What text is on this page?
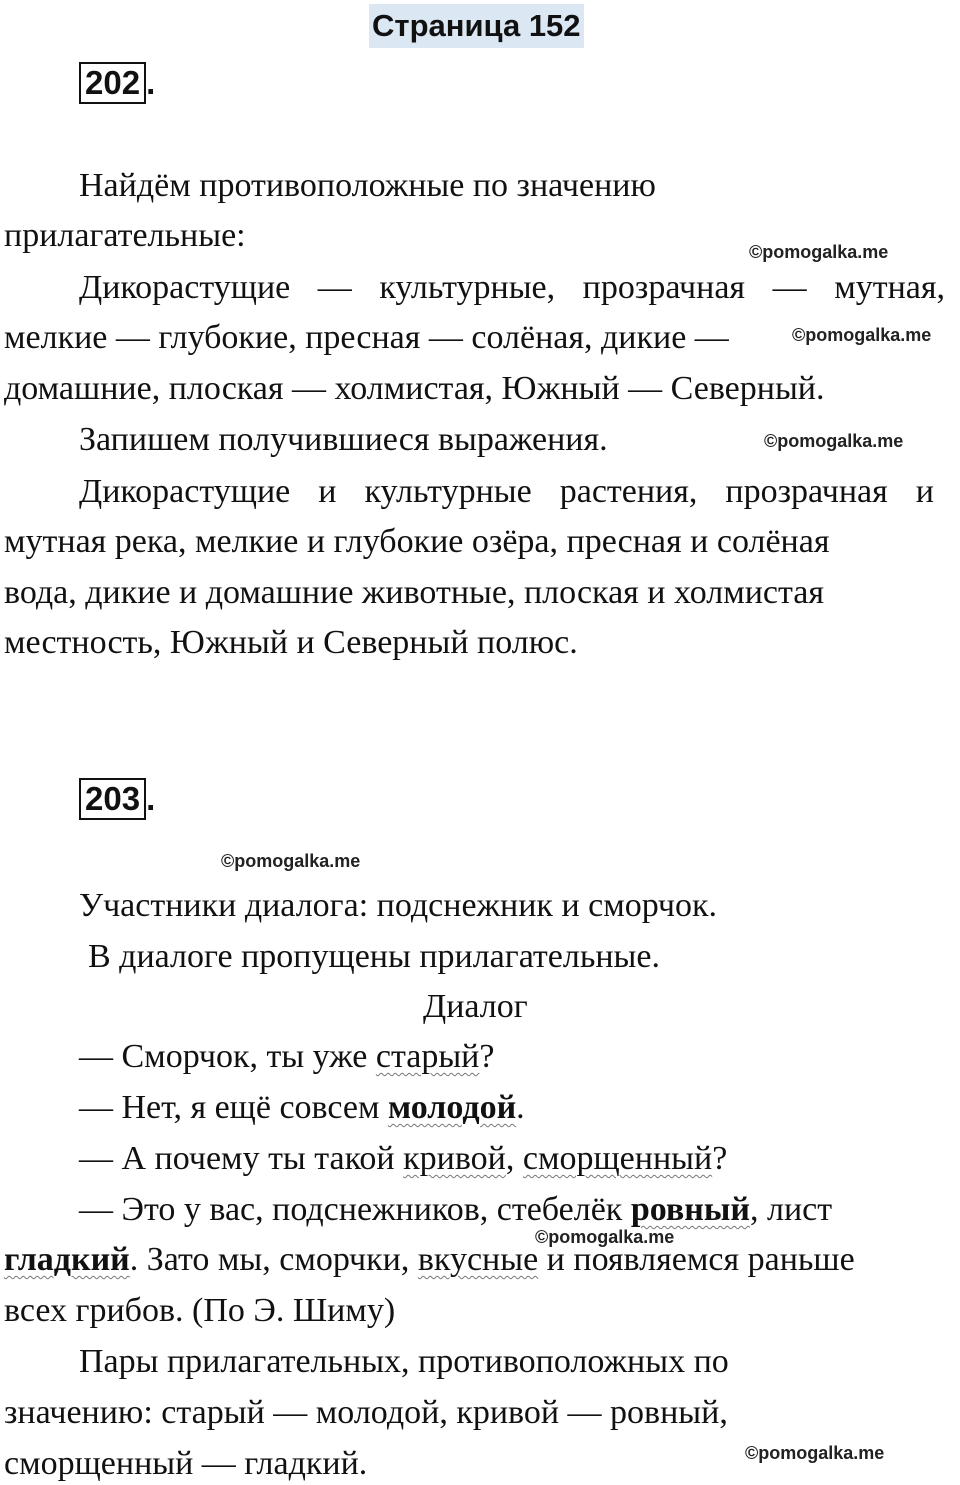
Страница 152
202 .
Найдём противоположные по значению
прилагательные:
Дикорастущие — культурные, прозрачная — мутная,
мелкие — глубокие, пресная — солёная, дикие —
домашние, плоская — холмистая, Южный — Северный.
Запишем получившиеся выражения.
Дикорастущие и культурные растения, прозрачная и
мутная река, мелкие и глубокие озёра, пресная и солёная
вода, дикие и домашние животные, плоская и холмистая
местность, Южный и Северный полюс.
203 .
Участники диалога: подснежник и сморчок.
В диалоге пропущены прилагательные.
Диалог
— Сморчок, ты уже старый?
— Нет, я ещё совсем молодой.
— А почему ты такой кривой, сморщенный?
— Это у вас, подснежников, стебелёк ровный, лист
гладкий. Зато мы, сморчки, вкусные и появляемся раньше
всех грибов. (По Э. Шиму)
Пары прилагательных, противоположных по
значению: старый — молодой, кривой — ровный,
сморщенный — гладкий.
©pomogalka.me
©pomogalka.me
©pomogalka.me
©pomogalka.me
©pomogalka.me
©pomogalka.me
